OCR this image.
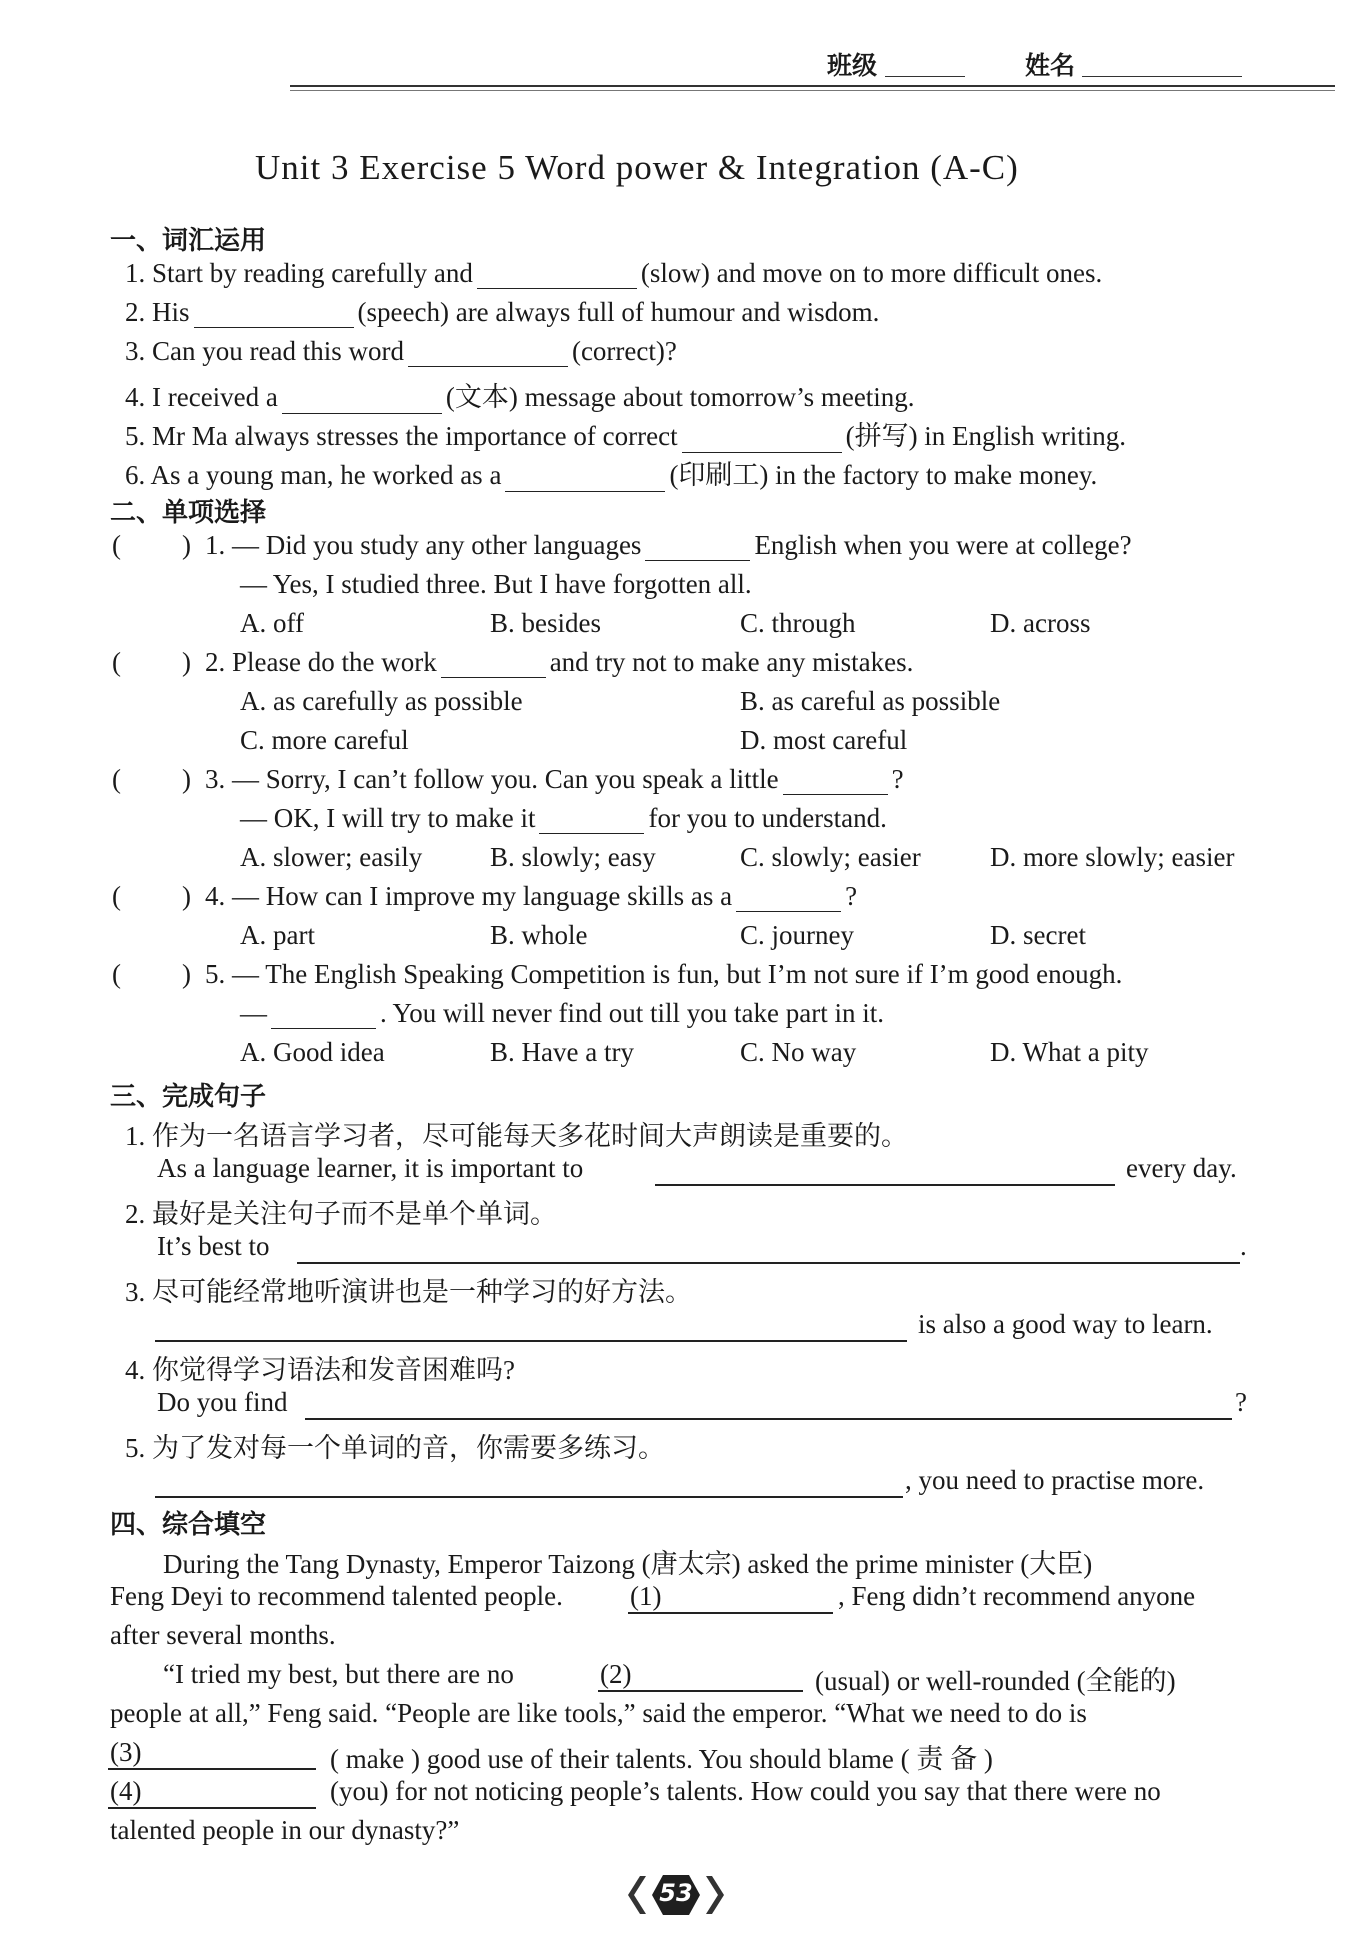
班级	姓名
Unit 3 Exercise 5 Word power & Integration (A-C)
一、词汇运用
1. Start by reading carefully and	(slow) and move on to more difficult ones.
2. His	(speech) are always full of humour and wisdom.
3. Can you read this word	(correct)?
4. I received a	(文本) message about tomorrow’s meeting.
5. Mr Ma always stresses the importance of correct	(拼写) in English writing.
6. As a young man, he worked as a	(印刷工) in the factory to make money.
二、单项选择
( ) 1. — Did you study any other languages	English when you were at college?
— Yes, I studied three. But I have forgotten all.
A. off	B. besides	C. through	D. across
( ) 2. Please do the work	and try not to make any mistakes.
A. as carefully as possible	B. as careful as possible
C. more careful	D. most careful
( ) 3. — Sorry, I can’t follow you. Can you speak a little	?
— OK, I will try to make it	for you to understand.
A. slower; easily	B. slowly; easy	C. slowly; easier	D. more slowly; easier
( ) 4. — How can I improve my language skills as a	?
A. part	B. whole	C. journey	D. secret
( ) 5. — The English Speaking Competition is fun, but I’m not sure if I’m good enough.
—	. You will never find out till you take part in it.
A. Good idea	B. Have a try	C. No way	D. What a pity
三、完成句子
1. 作为一名语言学习者，尽可能每天多花时间大声朗读是重要的。
As a language learner, it is important to	every day.
2. 最好是关注句子而不是单个单词。
It’s best to	.
3. 尽可能经常地听演讲也是一种学习的好方法。
is also a good way to learn.
4. 你觉得学习语法和发音困难吗?
Do you find	?
5. 为了发对每一个单词的音，你需要多练习。
, you need to practise more.
四、综合填空
During the Tang Dynasty, Emperor Taizong (唐太宗) asked the prime minister (大臣)
Feng Deyi to recommend talented people. (1)	, Feng didn’t recommend anyone
after several months.
“I tried my best, but there are no	(2)	(usual) or well-rounded (全能的)
people at all,” Feng said. “People are like tools,” said the emperor. “What we need to do is
(3)	( make ) good use of their talents. You should blame ( 责 备 )
(4)	(you) for not noticing people’s talents. How could you say that there were no
talented people in our dynasty?”
53
